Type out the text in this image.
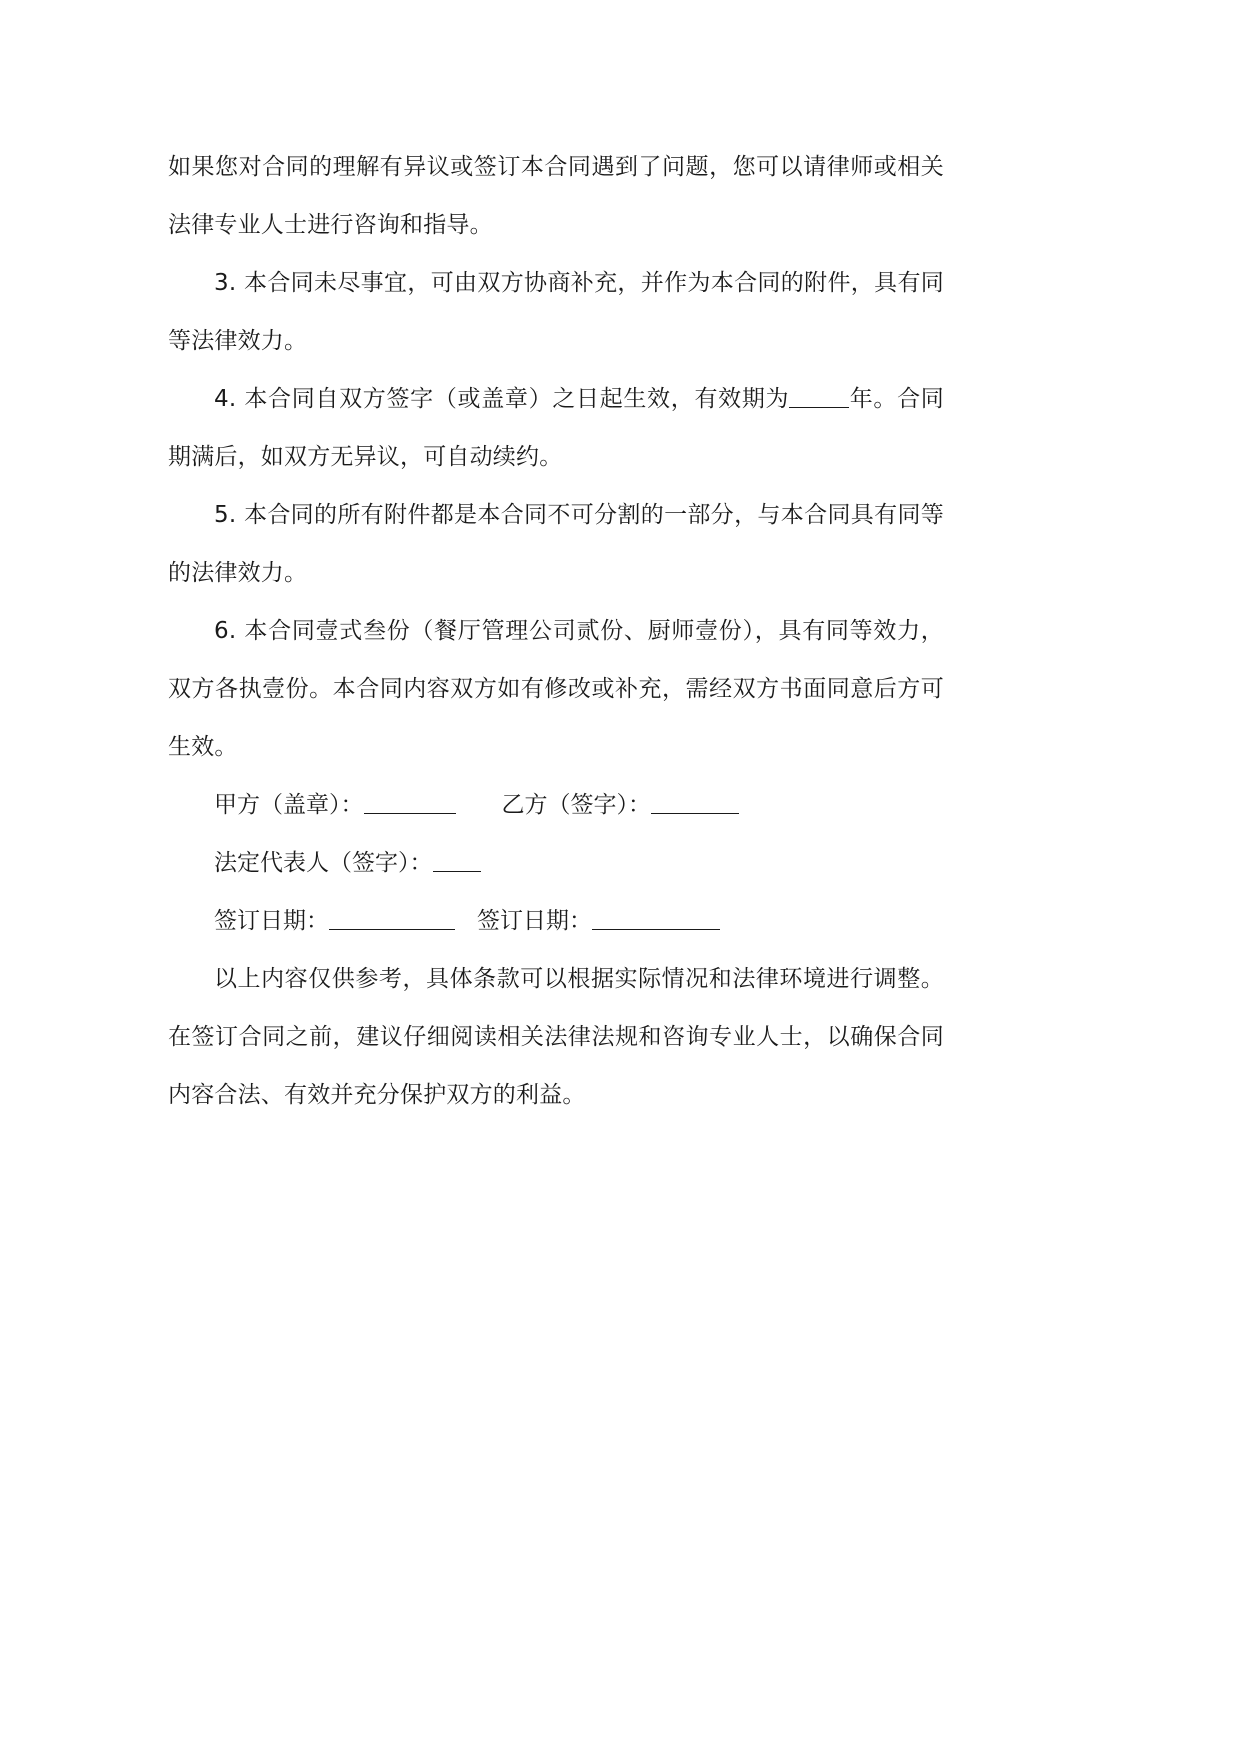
如果您对合同的理解有异议或签订本合同遇到了问题，您可以请律师或相关法律专业人士进行咨询和指导。

3. 本合同未尽事宜，可由双方协商补充，并作为本合同的附件，具有同等法律效力。

4. 本合同自双方签字（或盖章）之日起生效，有效期为	年。合同期满后，如双方无异议，可自动续约。

5. 本合同的所有附件都是本合同不可分割的一部分，与本合同具有同等的法律效力。

6. 本合同壹式叁份（餐厅管理公司贰份、厨师壹份），具有同等效力，双方各执壹份。本合同内容双方如有修改或补充，需经双方书面同意后方可生效。

甲方（盖章）：	乙方（签字）：
法定代表人（签字）：
签订日期：	签订日期：

以上内容仅供参考，具体条款可以根据实际情况和法律环境进行调整。在签订合同之前，建议仔细阅读相关法律法规和咨询专业人士，以确保合同内容合法、有效并充分保护双方的利益。
